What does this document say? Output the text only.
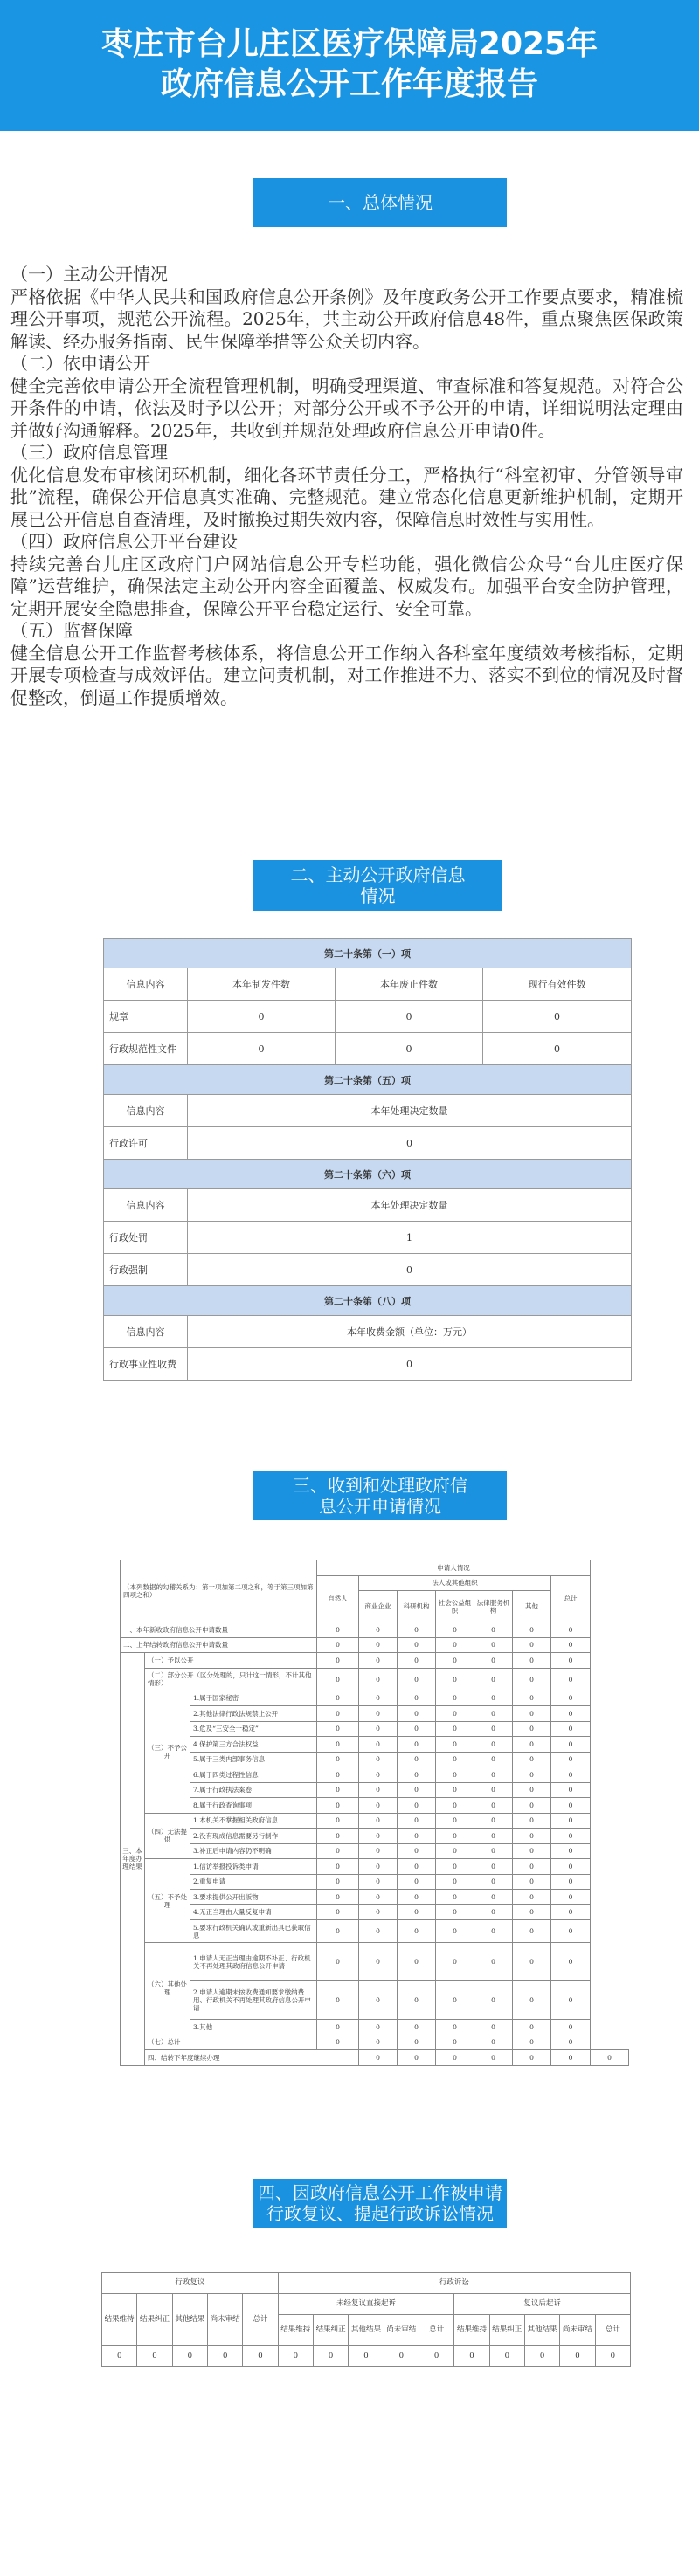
枣庄市台儿庄区医疗保障局2025年
政府信息公开工作年度报告
一、总体情况

（一）主动公开情况

严格依据《中华人民共和国政府信息公开条例》及年度政务公开工作要点要求，精准梳理公开事项，规范公开流程。2025年，共主动公开政府信息48件，重点聚焦医保政策解读、经办服务指南、民生保障举措等公众关切内容。

（二）依申请公开

健全完善依申请公开全流程管理机制，明确受理渠道、审查标准和答复规范。对符合公开条件的申请，依法及时予以公开；对部分公开或不予公开的申请，详细说明法定理由并做好沟通解释。2025年，共收到并规范处理政府信息公开申请0件。

（三）政府信息管理

优化信息发布审核闭环机制，细化各环节责任分工，严格执行“科室初审、分管领导审批”流程，确保公开信息真实准确、完整规范。建立常态化信息更新维护机制，定期开展已公开信息自查清理，及时撤换过期失效内容，保障信息时效性与实用性。

（四）政府信息公开平台建设

持续完善台儿庄区政府门户网站信息公开专栏功能，强化微信公众号“台儿庄医疗保障”运营维护，确保法定主动公开内容全面覆盖、权威发布。加强平台安全防护管理，定期开展安全隐患排查，保障公开平台稳定运行、安全可靠。

（五）监督保障

健全信息公开工作监督考核体系，将信息公开工作纳入各科室年度绩效考核指标，定期开展专项检查与成效评估。建立问责机制，对工作推进不力、落实不到位的情况及时督促整改，倒逼工作提质增效。

二、主动公开政府信息
情况
第二十条第（一）项			
信息内容	本年制发件数	本年废止件数	现行有效件数
规章	0	0	0
行政规范性文件	0	0	0
第二十条第（五）项			
信息内容	本年处理决定数量		
行政许可	0		
第二十条第（六）项			
信息内容	本年处理决定数量		
行政处罚	1		
行政强制	0		
第二十条第（八）项			
信息内容	本年收费金额（单位：万元）		
行政事业性收费	0		
三、收到和处理政府信
息公开申请情况
（本列数据的勾稽关系为：第一项加第二项之和，等于第三项加第四项之和）			申请人情况							
			自然人	法人或其他组织					总计	
				商业企业	科研机构	社会公益组织	法律服务机构	其他		
一、本年新收政府信息公开申请数量			0	0	0	0	0	0	0	
二、上年结转政府信息公开申请数量			0	0	0	0	0	0	0	
三、本年度办理结果	（一）予以公开		0	0	0	0	0	0	0	
	（二）部分公开（区分处理的，只计这一情形，不计其他情形）		0	0	0	0	0	0	0	
	（三）不予公开	1.属于国家秘密	0	0	0	0	0	0	0	
		2.其他法律行政法规禁止公开	0	0	0	0	0	0	0	
		3.危及“三安全一稳定”	0	0	0	0	0	0	0	
		4.保护第三方合法权益	0	0	0	0	0	0	0	
		5.属于三类内部事务信息	0	0	0	0	0	0	0	
		6.属于四类过程性信息	0	0	0	0	0	0	0	
		7.属于行政执法案卷	0	0	0	0	0	0	0	
		8.属于行政查询事项	0	0	0	0	0	0	0	
	（四）无法提供	1.本机关不掌握相关政府信息	0	0	0	0	0	0	0	
		2.没有现成信息需要另行制作	0	0	0	0	0	0	0	
		3.补正后申请内容仍不明确	0	0	0	0	0	0	0	
	（五）不予处理	1.信访举报投诉类申请	0	0	0	0	0	0	0	
		2.重复申请	0	0	0	0	0	0	0	
		3.要求提供公开出版物	0	0	0	0	0	0	0	
		4.无正当理由大量反复申请	0	0	0	0	0	0	0	
		5.要求行政机关确认或重新出具已获取信息	0	0	0	0	0	0	0	
	（六）其他处理	1.申请人无正当理由逾期不补正、行政机关不再处理其政府信息公开申请	0	0	0	0	0	0	0	
		2.申请人逾期未按收费通知要求缴纳费用、行政机关不再处理其政府信息公开申请	0	0	0	0	0	0	0	
		3.其他	0	0	0	0	0	0	0	
	（七）总计		0	0	0	0	0	0	0	
	四、结转下年度继续办理			0	0	0	0	0	0	0
四、因政府信息公开工作被申请
行政复议、提起行政诉讼情况
行政复议					行政诉讼									
结果维持	结果纠正	其他结果	尚未审结	总计	未经复议直接起诉					复议后起诉				
					结果维持	结果纠正	其他结果	尚未审结	总计	结果维持	结果纠正	其他结果	尚未审结	总计
0	0	0	0	0	0	0	0	0	0	0	0	0	0	0
